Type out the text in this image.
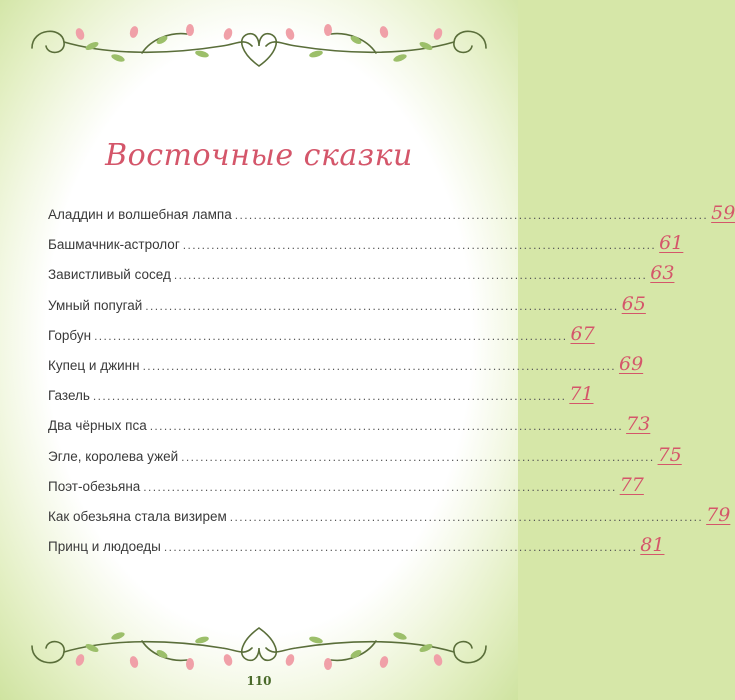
Восточные сказки
Аладдин и волшебная лампа .................................................................................................... 59
Башмачник-астролог .................................................................................................... 61
Завистливый сосед .................................................................................................... 63
Умный попугай .................................................................................................... 65
Горбун .................................................................................................... 67
Купец и джинн .................................................................................................... 69
Газель .................................................................................................... 71
Два чёрных пса .................................................................................................... 73
Эгле, королева ужей .................................................................................................... 75
Поэт-обезьяна .................................................................................................... 77
Как обезьяна стала визирем .................................................................................................... 79
Принц и людоеды .................................................................................................... 81
110
